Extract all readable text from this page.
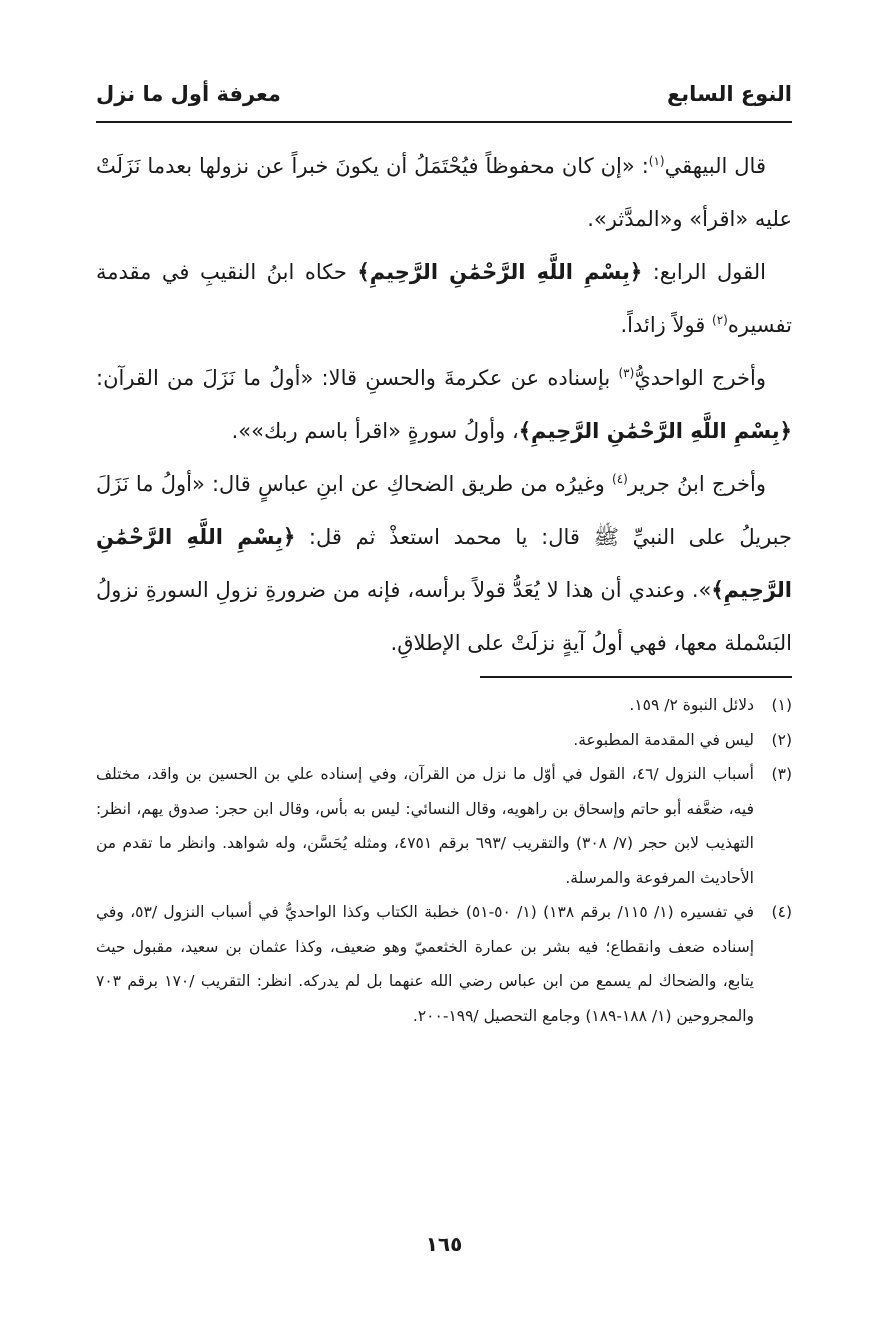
النوع السابع
معرفة أول ما نزل

قال البيهقي$^{(١)}$: «إن كان محفوظاً فيُحْتَمَلُ أن يكونَ خبراً عن نزولها بعدما نَزَلَتْ عليه «اقرأ» و«المدَّثر».

القول الرابع: ﴿بِسْمِ اللَّهِ الرَّحْمَٰنِ الرَّحِيمِ﴾ حكاه ابنُ النقيبِ في مقدمة تفسيره$^{(٢)}$ قولاً زائداً.

وأخرج الواحديُّ$^{(٣)}$ بإسناده عن عكرمةَ والحسنِ قالا: «أولُ ما نَزَلَ من القرآن: ﴿بِسْمِ اللَّهِ الرَّحْمَٰنِ الرَّحِيمِ﴾، وأولُ سورةٍ «اقرأ باسم ربك»».

وأخرج ابنُ جرير$^{(٤)}$ وغيرُه من طريق الضحاكِ عن ابنِ عباسٍ قال: «أولُ ما نَزَلَ جبريلُ على النبيِّ ﷺ قال: يا محمد استعذْ ثم قل: ﴿بِسْمِ اللَّهِ الرَّحْمَٰنِ الرَّحِيمِ﴾». وعندي أن هذا لا يُعَدُّ قولاً برأسه، فإنه من ضرورةِ نزولِ السورةِ نزولُ البَسْملة معها، فهي أولُ آيةٍ نزلَتْ على الإطلاقِ.

(١)
دلائل النبوة ٢/ ١٥٩.

(٢)
ليس في المقدمة المطبوعة.

(٣)
أسباب النزول /٤٦، القول في أوّل ما نزل من القرآن، وفي إسناده علي بن الحسين بن واقد، مختلف فيه، ضعَّفه أبو حاتم وإسحاق بن راهويه، وقال النسائي: ليس به بأس، وقال ابن حجر: صدوق يهم، انظر: التهذيب لابن حجر (٧/ ٣٠٨) والتقريب /٦٩٣ برقم ٤٧٥١، ومثله يُحَسَّن، وله شواهد. وانظر ما تقدم من الأحاديث المرفوعة والمرسلة.

(٤)
في تفسيره (١/ ١١٥/ برقم ١٣٨) (١/ ٥٠-٥١) خطبة الكتاب وكذا الواحديُّ في أسباب النزول /٥٣، وفي إسناده ضعف وانقطاع؛ فيه بشر بن عمارة الخثعميّ وهو ضعيف، وكذا عثمان بن سعيد، مقبول حيث يتابع، والضحاك لم يسمع من ابن عباس رضي الله عنهما بل لم يدركه. انظر: التقريب /١٧٠ برقم ٧٠٣ والمجروحين (١/ ١٨٨-١٨٩) وجامع التحصيل /١٩٩-٢٠٠.

١٦٥
